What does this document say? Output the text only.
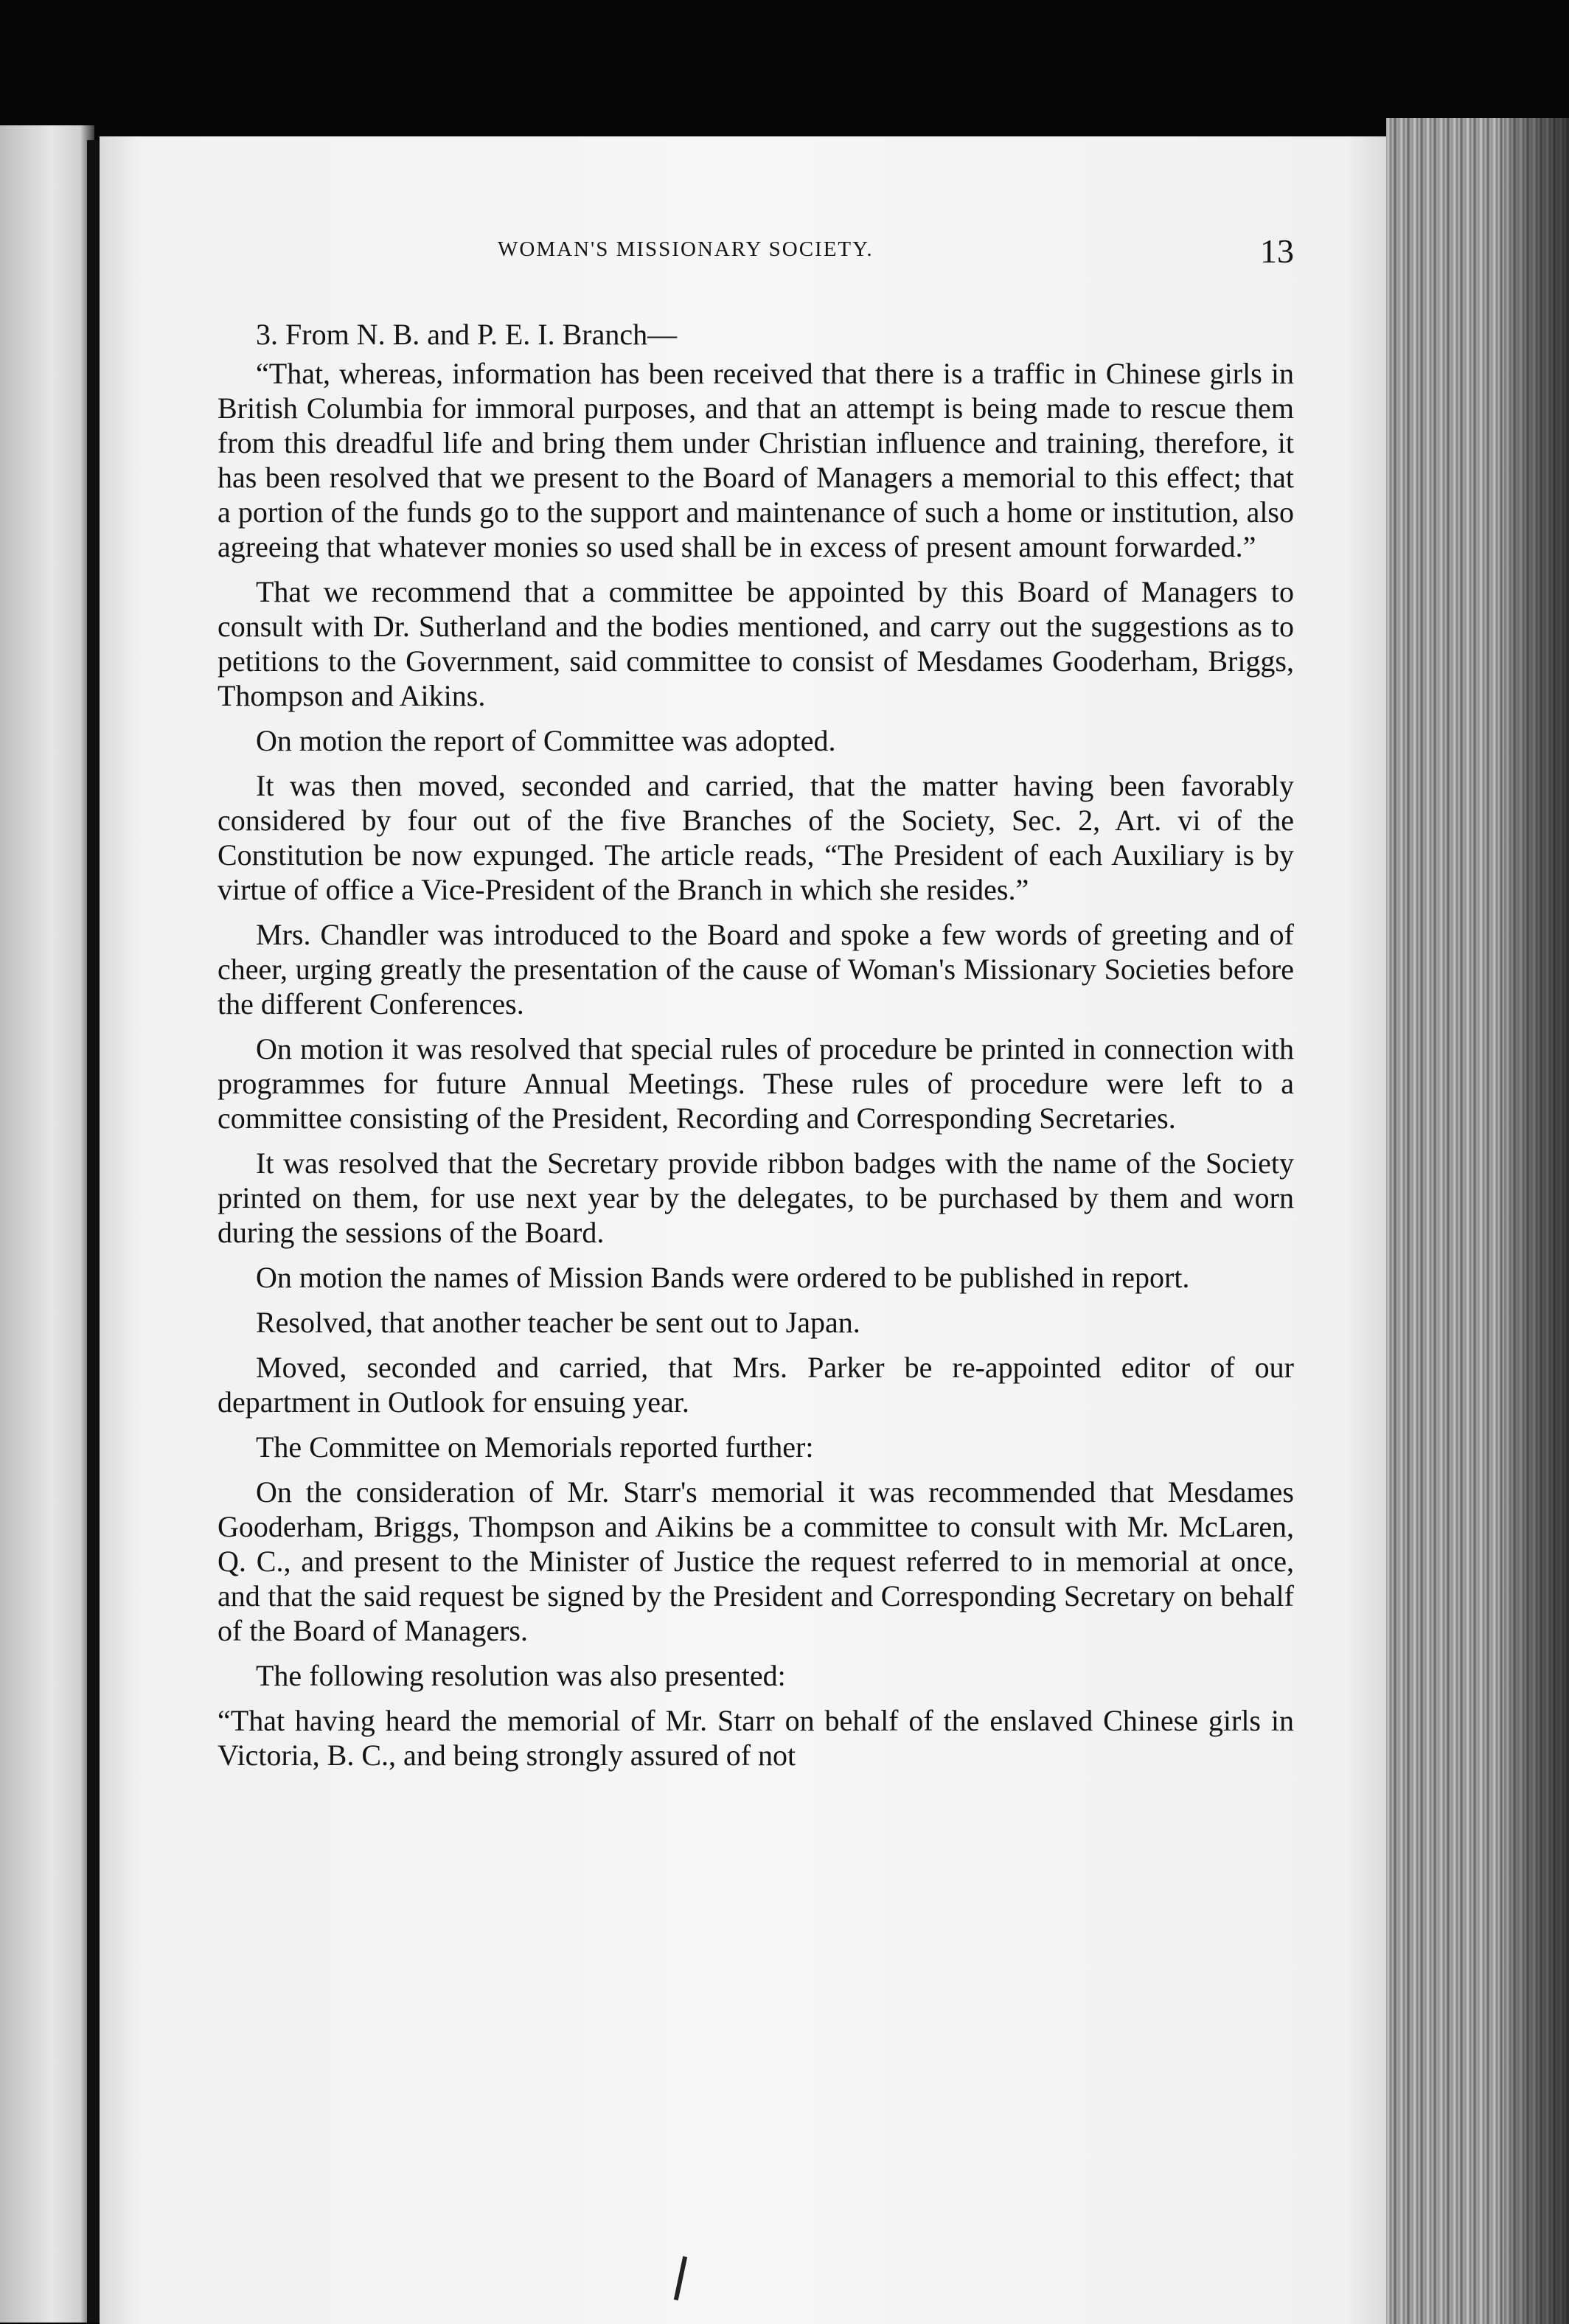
WOMAN'S MISSIONARY SOCIETY.	13

3. From N. B. and P. E. I. Branch—

“That, whereas, information has been received that there is a traffic in Chinese girls in British Columbia for immoral purposes, and that an attempt is being made to rescue them from this dreadful life and bring them under Christian influence and training, therefore, it has been resolved that we present to the Board of Managers a memorial to this effect; that a portion of the funds go to the support and maintenance of such a home or institution, also agreeing that whatever monies so used shall be in excess of present amount forwarded.”

That we recommend that a committee be appointed by this Board of Managers to consult with Dr. Sutherland and the bodies mentioned, and carry out the suggestions as to petitions to the Government, said committee to consist of Mesdames Gooderham, Briggs, Thompson and Aikins.

On motion the report of Committee was adopted.

It was then moved, seconded and carried, that the matter having been favorably considered by four out of the five Branches of the Society, Sec. 2, Art. vi of the Constitution be now expunged. The article reads, “The President of each Auxiliary is by virtue of office a Vice-President of the Branch in which she resides.”

Mrs. Chandler was introduced to the Board and spoke a few words of greeting and of cheer, urging greatly the presentation of the cause of Woman's Missionary Societies before the different Conferences.

On motion it was resolved that special rules of procedure be printed in connection with programmes for future Annual Meetings. These rules of procedure were left to a committee consisting of the President, Recording and Corresponding Secretaries.

It was resolved that the Secretary provide ribbon badges with the name of the Society printed on them, for use next year by the delegates, to be purchased by them and worn during the sessions of the Board.

On motion the names of Mission Bands were ordered to be published in report.

Resolved, that another teacher be sent out to Japan.

Moved, seconded and carried, that Mrs. Parker be re-appointed editor of our department in Outlook for ensuing year.

The Committee on Memorials reported further:

On the consideration of Mr. Starr's memorial it was recommended that Mesdames Gooderham, Briggs, Thompson and Aikins be a committee to consult with Mr. McLaren, Q. C., and present to the Minister of Justice the request referred to in memorial at once, and that the said request be signed by the President and Corresponding Secretary on behalf of the Board of Managers.

The following resolution was also presented:

“That having heard the memorial of Mr. Starr on behalf of the enslaved Chinese girls in Victoria, B. C., and being strongly assured of not
